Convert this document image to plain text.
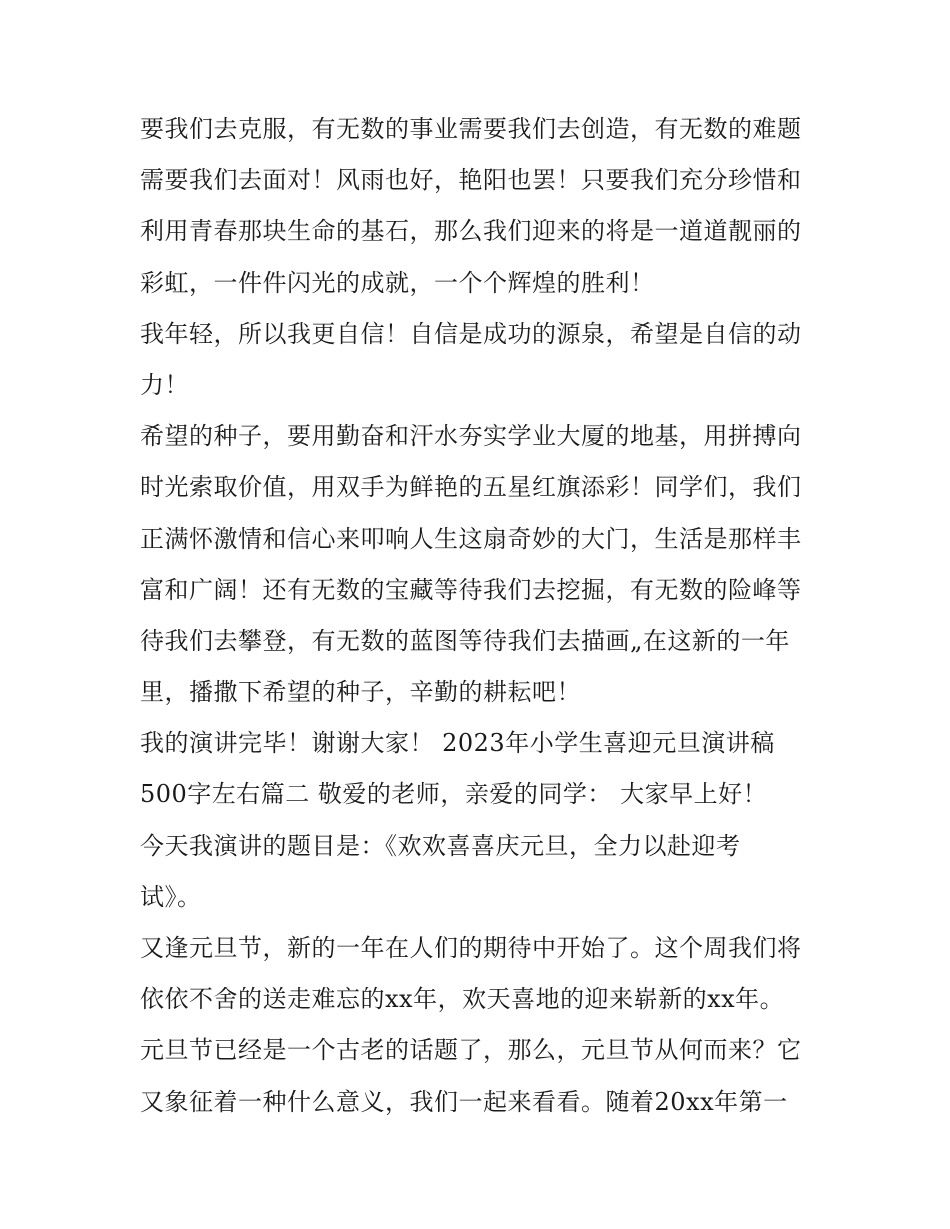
要我们去克服，有无数的事业需要我们去创造，有无数的难题
需要我们去面对！风雨也好，艳阳也罢！只要我们充分珍惜和
利用青春那块生命的基石，那么我们迎来的将是一道道靓丽的
彩虹，一件件闪光的成就，一个个辉煌的胜利！
我年轻，所以我更自信！自信是成功的源泉，希望是自信的动
力！
希望的种子，要用勤奋和汗水夯实学业大厦的地基，用拼搏向
时光索取价值，用双手为鲜艳的五星红旗添彩！同学们，我们
正满怀激情和信心来叩响人生这扇奇妙的大门，生活是那样丰
富和广阔！还有无数的宝藏等待我们去挖掘，有无数的险峰等
待我们去攀登，有无数的蓝图等待我们去描画„在这新的一年
里，播撒下希望的种子，辛勤的耕耘吧！
我的演讲完毕！谢谢大家！ 2023年小学生喜迎元旦演讲稿
500字左右篇二 敬爱的老师，亲爱的同学： 大家早上好！
今天我演讲的题目是：《欢欢喜喜庆元旦，全力以赴迎考
试》。
又逢元旦节，新的一年在人们的期待中开始了。这个周我们将
依依不舍的送走难忘的xx年，欢天喜地的迎来崭新的xx年。
元旦节已经是一个古老的话题了，那么，元旦节从何而来？它
又象征着一种什么意义，我们一起来看看。随着20xx年第一
